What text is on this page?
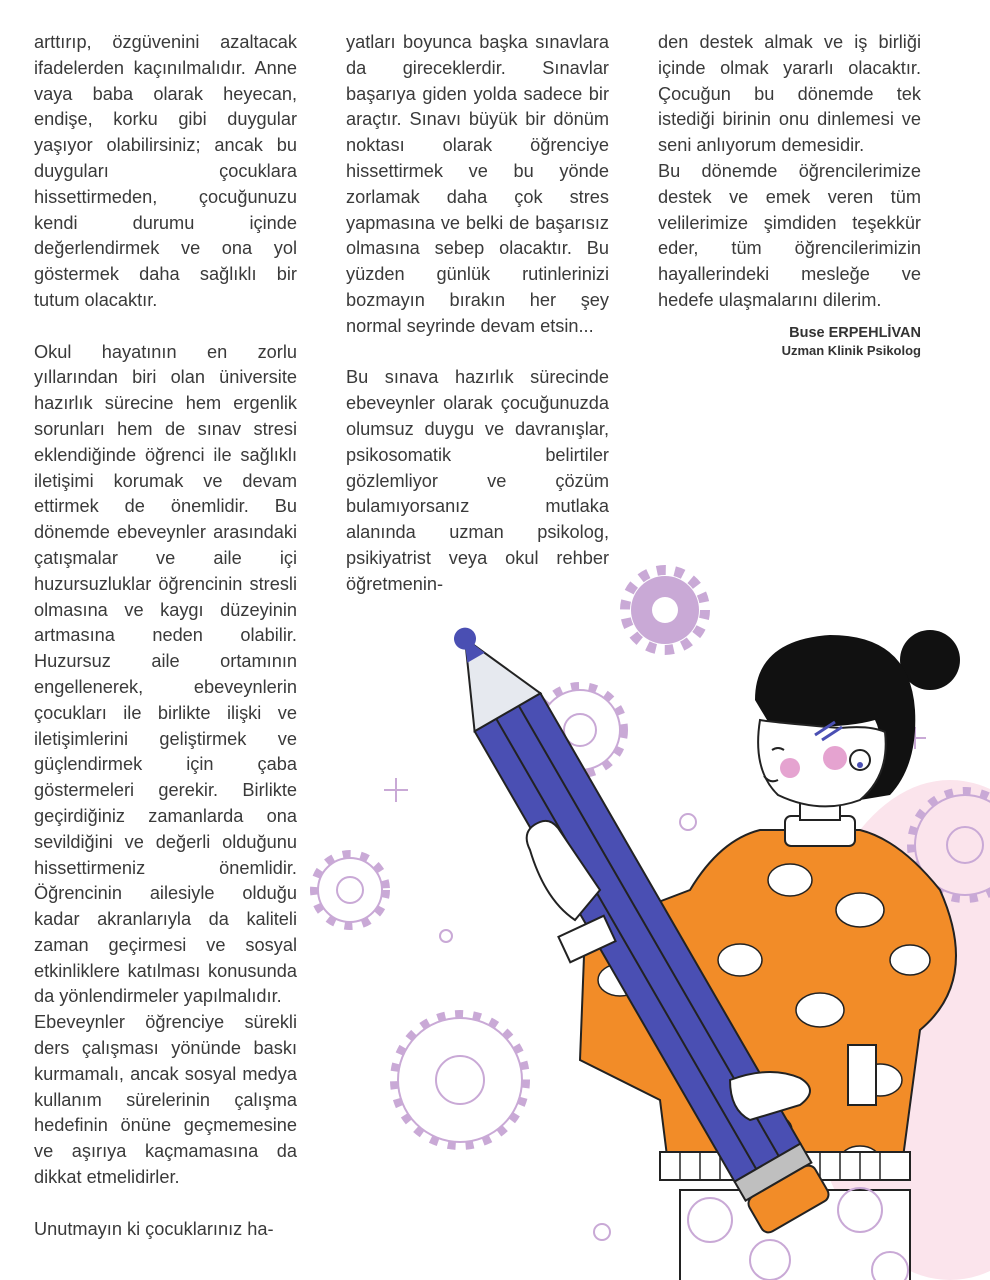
arttırıp, özgüvenini azaltacak ifadelerden kaçınılmalıdır. Anne vaya baba olarak heyecan, endişe, korku gibi duygular yaşıyor olabilirsiniz; ancak bu duyguları çocuklara hissettirmeden, çocuğunuzu kendi durumu içinde değerlendirmek ve ona yol göstermek daha sağlıklı bir tutum olacaktır.

Okul hayatının en zorlu yıllarından biri olan üniversite hazırlık sürecine hem ergenlik sorunları hem de sınav stresi eklendiğinde öğrenci ile sağlıklı iletişimi korumak ve devam ettirmek de önemlidir. Bu dönemde ebeveynler arasındaki çatışmalar ve aile içi huzursuzluklar öğrencinin stresli olmasına ve kaygı düzeyinin artmasına neden olabilir. Huzursuz aile ortamının engellenerek, ebeveynlerin çocukları ile birlikte ilişki ve iletişimlerini geliştirmek ve güçlendirmek için çaba göstermeleri gerekir. Birlikte geçirdiğiniz zamanlarda ona sevildiğini ve değerli olduğunu hissettirmeniz önemlidir. Öğrencinin ailesiyle olduğu kadar akranlarıyla da kaliteli zaman geçirmesi ve sosyal etkinliklere katılması konusunda da yönlendirmeler yapılmalıdır.

Ebeveynler öğrenciye sürekli ders çalışması yönünde baskı kurmamalı, ancak sosyal medya kullanım sürelerinin çalışma hedefinin önüne geçmemesine ve aşırıya kaçmamasına da dikkat etmelidirler.

Unutmayın ki çocuklarınız ha-

yatları boyunca başka sınavlara da gireceklerdir. Sınavlar başarıya giden yolda sadece bir araçtır. Sınavı büyük bir dönüm noktası olarak öğrenciye hissettirmek ve bu yönde zorlamak daha çok stres yapmasına ve belki de başarısız olmasına sebep olacaktır. Bu yüzden günlük rutinlerinizi bozmayın bırakın her şey normal seyrinde devam etsin...

Bu sınava hazırlık sürecinde ebeveynler olarak çocuğunuzda olumsuz duygu ve davranışlar, psikosomatik belirtiler gözlemliyor ve çözüm bulamıyorsanız mutlaka alanında uzman psikolog, psikiyatrist veya okul rehber öğretmenin-

den destek almak ve iş birliği içinde olmak yararlı olacaktır. Çocuğun bu dönemde tek istediği birinin onu dinlemesi ve seni anlıyorum demesidir.

Bu dönemde öğrencilerimize destek ve emek veren tüm velilerimize şimdiden teşekkür eder, tüm öğrencilerimizin hayallerindeki mesleğe ve hedefe ulaşmalarını dilerim.

Buse ERPEHLİVAN
Uzman Klinik Psikolog
